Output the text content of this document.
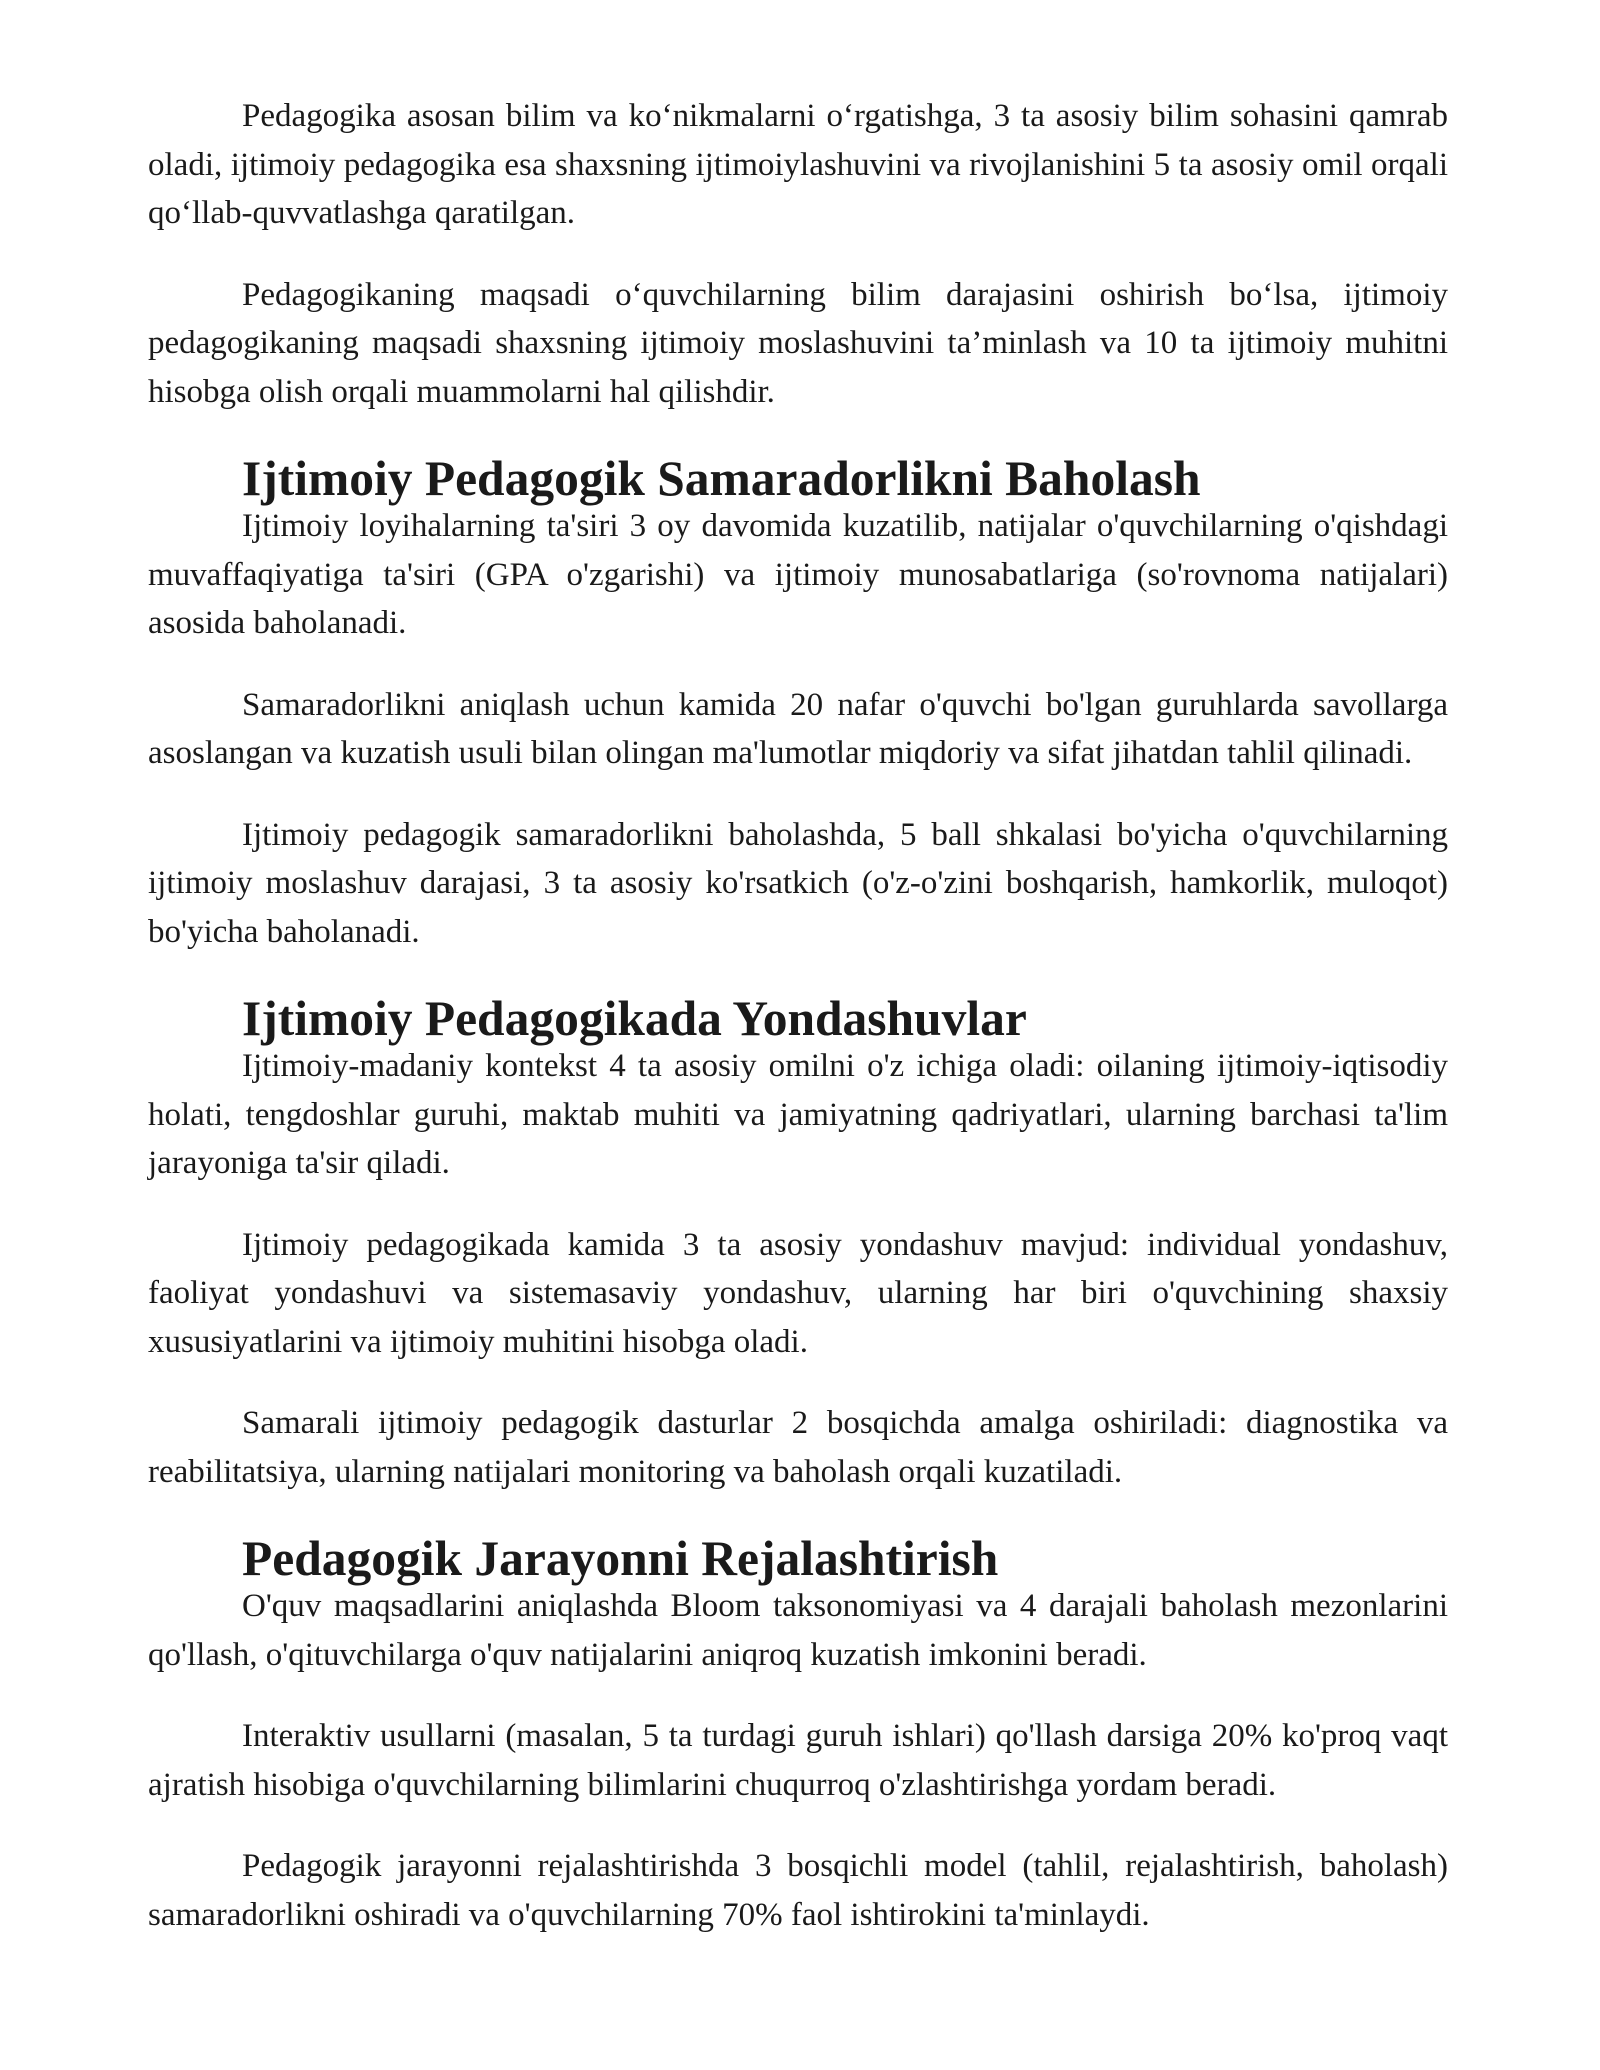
Pedagogika asosan bilim va ko‘nikmalarni o‘rgatishga, 3 ta asosiy bilim sohasini qamrab oladi, ijtimoiy pedagogika esa shaxsning ijtimoiylashuvini va rivojlanishini 5 ta asosiy omil orqali qo‘llab-quvvatlashga qaratilgan.

Pedagogikaning maqsadi o‘quvchilarning bilim darajasini oshirish bo‘lsa, ijtimoiy pedagogikaning maqsadi shaxsning ijtimoiy moslashuvini ta’minlash va 10 ta ijtimoiy muhitni hisobga olish orqali muammolarni hal qilishdir.

Ijtimoiy Pedagogik Samaradorlikni Baholash

Ijtimoiy loyihalarning ta'siri 3 oy davomida kuzatilib, natijalar o'quvchilarning o'qishdagi muvaffaqiyatiga ta'siri (GPA o'zgarishi) va ijtimoiy munosabatlariga (so'rovnoma natijalari) asosida baholanadi.

Samaradorlikni aniqlash uchun kamida 20 nafar o'quvchi bo'lgan guruhlarda savollarga asoslangan va kuzatish usuli bilan olingan ma'lumotlar miqdoriy va sifat jihatdan tahlil qilinadi.

Ijtimoiy pedagogik samaradorlikni baholashda, 5 ball shkalasi bo'yicha o'quvchilarning ijtimoiy moslashuv darajasi, 3 ta asosiy ko'rsatkich (o'z-o'zini boshqarish, hamkorlik, muloqot) bo'yicha baholanadi.

Ijtimoiy Pedagogikada Yondashuvlar

Ijtimoiy-madaniy kontekst 4 ta asosiy omilni o'z ichiga oladi: oilaning ijtimoiy-iqtisodiy holati, tengdoshlar guruhi, maktab muhiti va jamiyatning qadriyatlari, ularning barchasi ta'lim jarayoniga ta'sir qiladi.

Ijtimoiy pedagogikada kamida 3 ta asosiy yondashuv mavjud: individual yondashuv, faoliyat yondashuvi va sistemasaviy yondashuv, ularning har biri o'quvchining shaxsiy xususiyatlarini va ijtimoiy muhitini hisobga oladi.

Samarali ijtimoiy pedagogik dasturlar 2 bosqichda amalga oshiriladi: diagnostika va reabilitatsiya, ularning natijalari monitoring va baholash orqali kuzatiladi.

Pedagogik Jarayonni Rejalashtirish

O'quv maqsadlarini aniqlashda Bloom taksonomiyasi va 4 darajali baholash mezonlarini qo'llash, o'qituvchilarga o'quv natijalarini aniqroq kuzatish imkonini beradi.

Interaktiv usullarni (masalan, 5 ta turdagi guruh ishlari) qo'llash darsiga 20% ko'proq vaqt ajratish hisobiga o'quvchilarning bilimlarini chuqurroq o'zlashtirishga yordam beradi.

Pedagogik jarayonni rejalashtirishda 3 bosqichli model (tahlil, rejalashtirish, baholash) samaradorlikni oshiradi va o'quvchilarning 70% faol ishtirokini ta'minlaydi.
